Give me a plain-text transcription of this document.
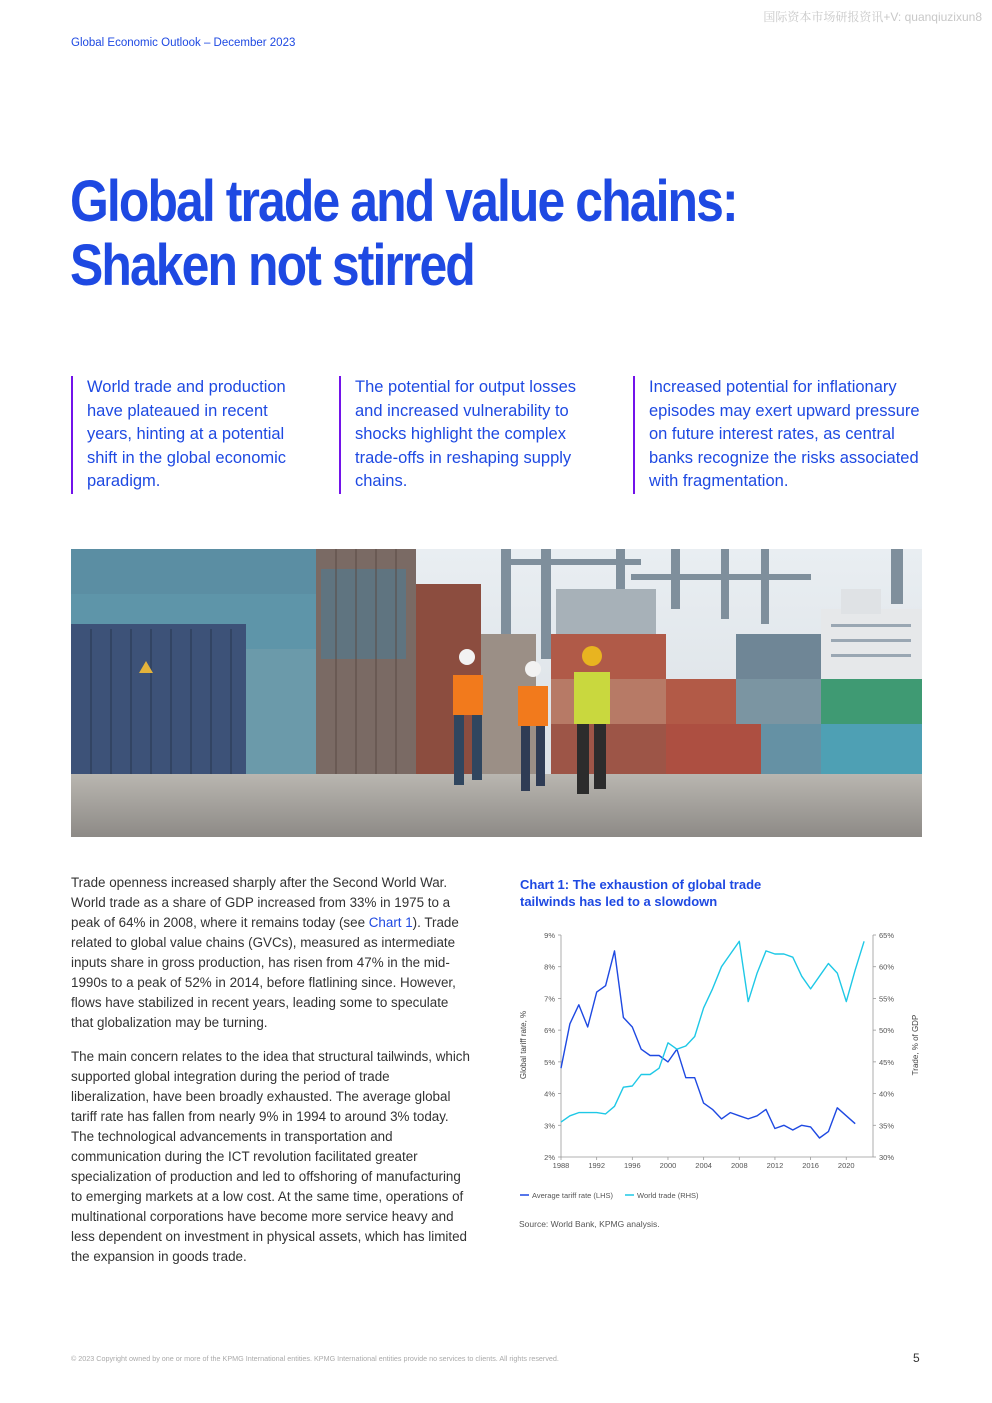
国际资本市场研报资讯+V: quanqiuzixun8
Global Economic Outlook – December 2023
Global trade and value chains:
Shaken not stirred
World trade and production have plateaued in recent years, hinting at a potential shift in the global economic paradigm.
The potential for output losses and increased vulnerability to shocks highlight the complex trade-offs in reshaping supply chains.
Increased potential for inflationary episodes may exert upward pressure on future interest rates, as central banks recognize the risks associated with fragmentation.

Trade openness increased sharply after the Second World War. World trade as a share of GDP increased from 33% in 1975 to a peak of 64% in 2008, where it remains today (see Chart 1). Trade related to global value chains (GVCs), measured as intermediate inputs share in gross production, has risen from 47% in the mid-1990s to a peak of 52% in 2014, before flatlining since. However, flows have stabilized in recent years, leading some to speculate that globalization may be turning.

The main concern relates to the idea that structural tailwinds, which supported global integration during the period of trade liberalization, have been broadly exhausted. The average global tariff rate has fallen from nearly 9% in 1994 to around 3% today. The technological advancements in transportation and communication during the ICT revolution facilitated greater specialization of production and led to offshoring of manufacturing to emerging markets at a low cost. At the same time, operations of multinational corporations have become more service heavy and less dependent on investment in physical assets, which has limited the expansion in goods trade.

Chart 1: The exhaustion of global trade tailwinds has led to a slowdown
2%
3%
4%
5%
6%
7%
8%
9%
30%
35%
40%
45%
50%
55%
60%
65%
1988	1992	1996	2000	2004	2008	2012	2016	2020
Global tariff rate, %	Trade, % of GDP
Average tariff rate (LHS)	World trade (RHS)
Source: World Bank, KPMG analysis.
© 2023 Copyright owned by one or more of the KPMG International entities. KPMG International entities provide no services to clients. All rights reserved.	5
